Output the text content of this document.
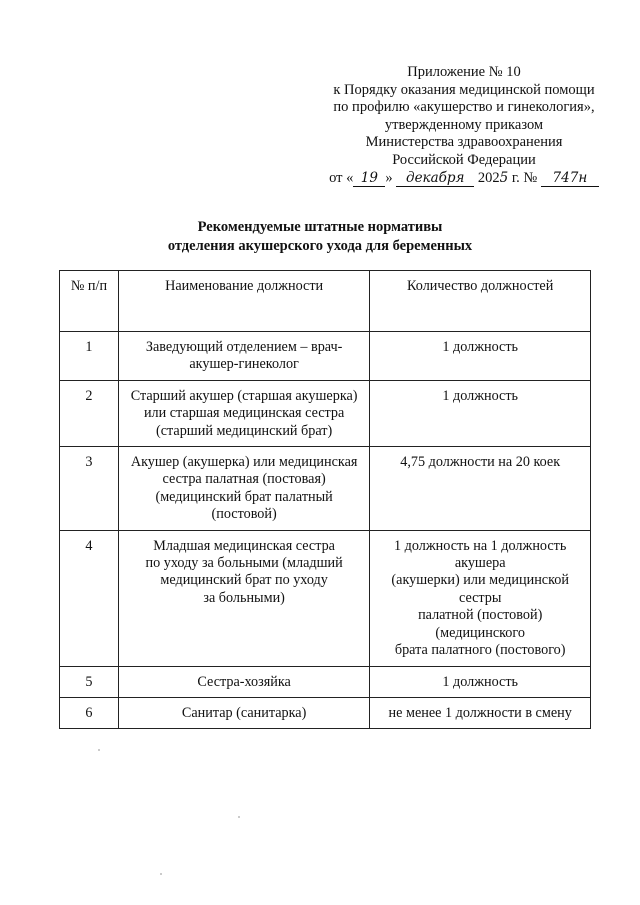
Приложение № 10
к Порядку оказания медицинской помощи
по профилю «акушерство и гинекология»,
утвержденному приказом
Министерства здравоохранения
Российской Федерации
от « 19 » декабря 2025 г. № 747н
Рекомендуемые штатные нормативы
отделения акушерского ухода для беременных
№ п/п	Наименование должности	Количество должностей
1	Заведующий отделением – врач-
акушер-гинеколог	1 должность

2	Старший акушер (старшая акушерка)
или старшая медицинская сестра
(старший медицинский брат)	1 должность

3	Акушер (акушерка) или медицинская
сестра палатная (постовая)
(медицинский брат палатный
(постовой)	4,75 должности на 20 коек

4	Младшая медицинская сестра
по уходу за больными (младший
медицинский брат по уходу
за больными)	1 должность на 1 должность
акушера
(акушерки) или медицинской сестры
палатной (постовой) (медицинского
брата палатного (постового)

5	Сестра-хозяйка	1 должность

6	Санитар (санитарка)	не менее 1 должности в смену
